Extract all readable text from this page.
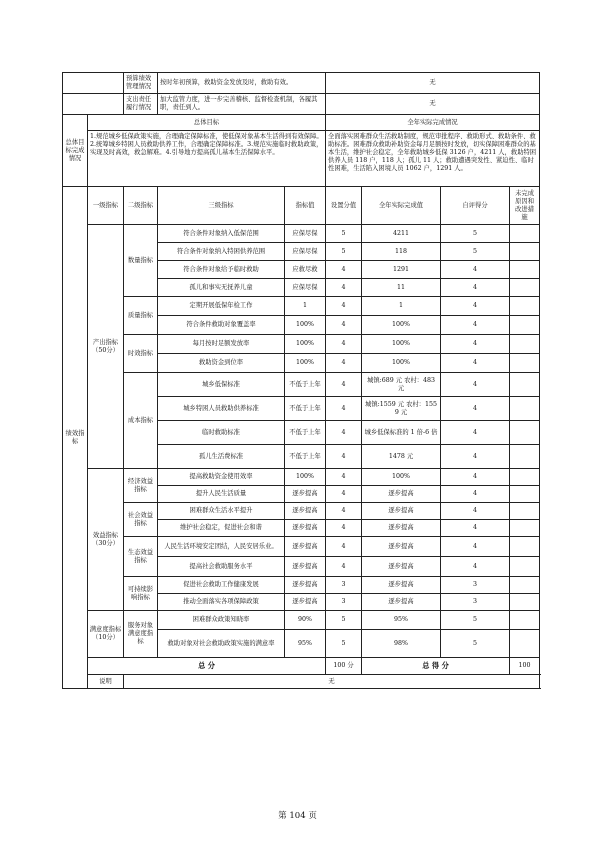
		预算绩效管理情况	按时年初预算，救助资金发放及时，救助有效。		无			
		支出责任履行情况	加大监管力度，进一步完善稽核、监督检查机制，各履其职，责任到人。		无			
总体目标完成情况	总体目标				全年实际完成情况			
	1.规范城乡低保政策实施，合理确定保障标准，使低保对象基本生活得到有效保障。2.统筹城乡特困人员救助供养工作，合理确定保障标准。3.规范实施临时救助政策，实现及时高效，救急解难。4.引导地方提高孤儿基本生活保障水平。				全面落实困难群众生活救助制度，规范审批程序、救助形式、救助条件、救助标准。困难群众救助补助资金每月足额按时发放，切实保障困难群众的基本生活，维护社会稳定，全年救助城乡低保 3126 户，4211 人，救助特困供养人员 118 户，118 人；孤儿 11 人；救助遭遇突发性、紧迫性、临时性困难，生活陷入困境人员 1062 户，1291 人。			
绩效指标	一级指标	二级指标	三级指标	指标值	设置分值	全年实际完成值	自评得分	未完成原因和改进措施
	产出指标（50分）	数量指标	符合条件对象纳入低保范围	应保尽保	5	4211	5	
			符合条件对象纳入特困供养范围	应保尽保	5	118	5	
			符合条件对象给予临时救助	应救尽救	4	1291	4	
			孤儿和事实无抚养儿童	应保尽保	4	11	4	
		质量指标	定期开展低保年检工作	1	4	1	4	
			符合条件救助对象覆盖率	100%	4	100%	4	
		时效指标	每月按时足额发放率	100%	4	100%	4	
			救助资金到位率	100%	4	100%	4	
		成本指标	城乡低保标准	不低于上年	4	城镇:689 元 农村：483 元	4	
			城乡特困人员救助供养标准	不低于上年	4	城镇:1559 元 农村：1559 元	4	
			临时救助标准	不低于上年	4	城乡低保标准的 1 倍-6 倍	4	
			孤儿生活费标准	不低于上年	4	1478 元	4	
	效益指标（30分）	经济效益指标	提高救助资金使用效率	100%	4	100%	4	
			提升人民生活质量	逐步提高	4	逐步提高	4	
		社会效益指标	困难群众生活水平提升	逐步提高	4	逐步提高	4	
			维护社会稳定，促进社会和谐	逐步提高	4	逐步提高	4	
		生态效益指标	人民生活环境安定团结，人民安居乐业。	逐步提高	4	逐步提高	4	
			提高社会救助服务水平	逐步提高	4	逐步提高	4	
		可持续影响指标	促进社会救助工作健康发展	逐步提高	3	逐步提高	3	
			推动全面落实各项保障政策	逐步提高	3	逐步提高	3	
	满意度指标（10分）	服务对象满意度指标	困难群众政策知晓率	90%	5	95%	5	
			救助对象对社会救助政策实施的满意率	95%	5	98%	5	
	总 分				100 分	总 得 分		100
	说明	无						
第 104 页
